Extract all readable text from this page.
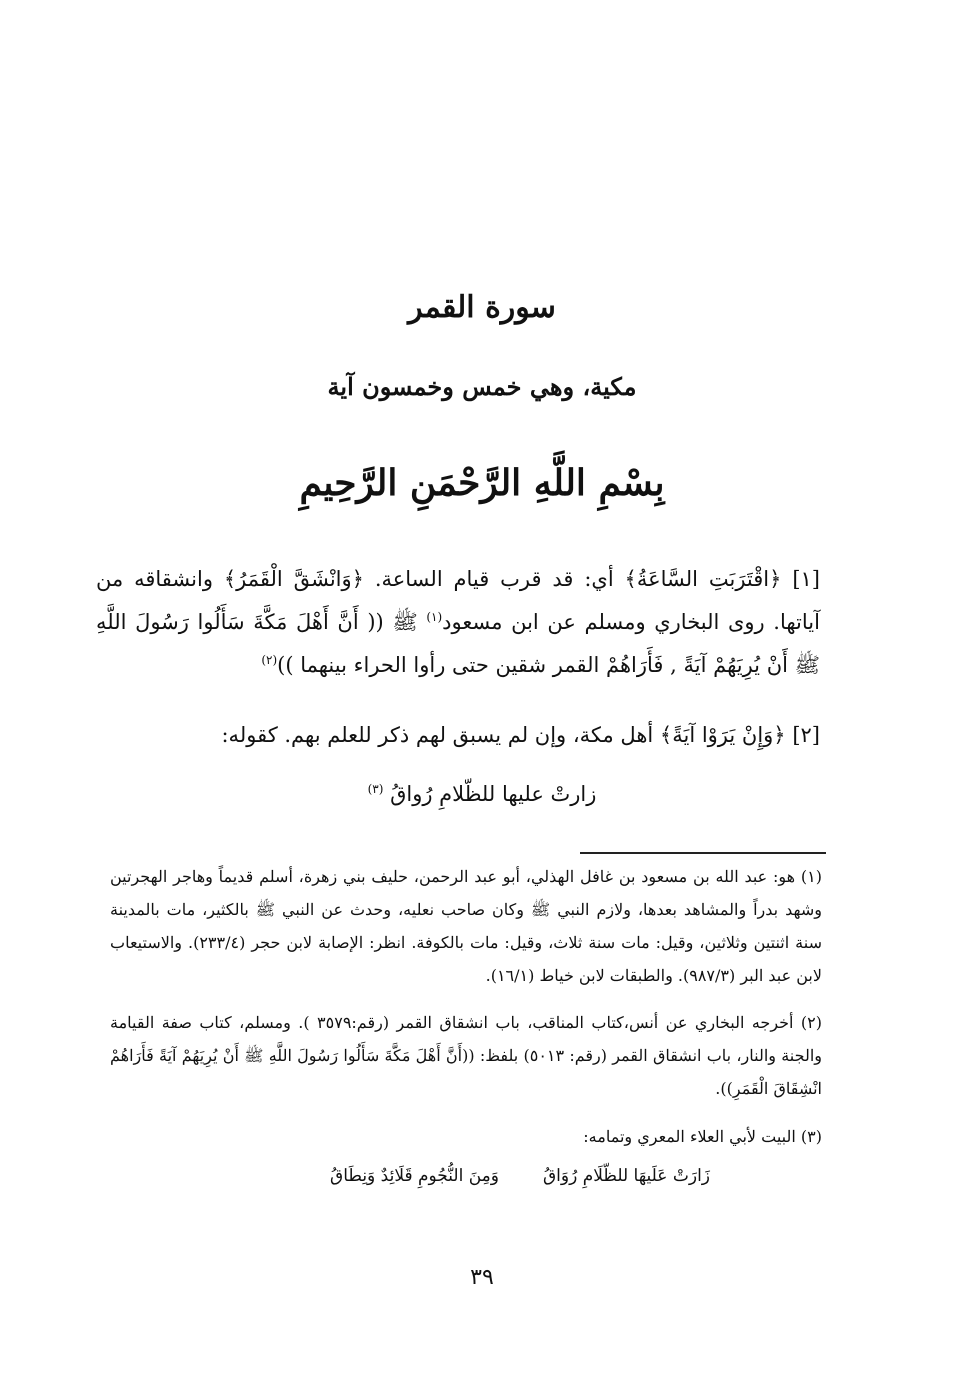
سورة القمر
مكية، وهي خمس وخمسون آية
بِسْمِ اللَّهِ الرَّحْمَنِ الرَّحِيمِ
[١] ﴿اقْتَرَبَتِ السَّاعَةُ﴾ أي: قد قرب قيام الساعة. ﴿وَانْشَقَّ الْقَمَرُ﴾ وانشقاقه من آياتها. روى البخاري ومسلم عن ابن مسعود$^{(١)}$ ﷺ (( أَنَّ أَهْلَ مَكَّةَ سَأَلُوا رَسُولَ اللَّهِ ﷺ أَنْ يُرِيَهُمْ آيَةً , فَأَرَاهُمْ القمر شقين حتى رأوا الحراء بينهما ))$^{(٢)}$
[٢] ﴿وَإِنْ يَرَوْا آيَةً﴾ أهل مكة، وإن لم يسبق لهم ذكر للعلم بهم. كقوله:
زارتْ عليها للظّلامِ رُواقُ $^{(٣)}$
(١) هو: عبد الله بن مسعود بن غافل الهذلي، أبو عبد الرحمن، حليف بني زهرة، أسلم قديماً وهاجر الهجرتين وشهد بدراً والمشاهد بعدها، ولازم النبي ﷺ وكان صاحب نعليه، وحدث عن النبي ﷺ بالكثير، مات بالمدينة سنة اثنتين وثلاثين، وقيل: مات سنة ثلاث، وقيل: مات بالكوفة. انظر: الإصابة لابن حجر (٢٣٣/٤). والاستيعاب لابن عبد البر (٩٨٧/٣). والطبقات لابن خياط (١٦/١).
(٢) أخرجه البخاري عن أنس،كتاب المناقب، باب انشقاق القمر (رقم:٣٥٧٩ ). ومسلم، كتاب صفة القيامة والجنة والنار، باب انشقاق القمر (رقم: ٥٠١٣) بلفظ: ((أَنَّ أَهْلَ مَكَّةَ سَأَلُوا رَسُولَ اللَّهِ ﷺ أَنْ يُرِيَهُمْ آيَةً فَأَرَاهُمْ انْشِقَاقَ الْقَمَرِ)).
(٣) البيت لأبي العلاء المعري وتمامه:
زَارَتْ عَلَيهَا للظّلَامِ رُوَاقُ
وَمِنَ النُّجُومِ قَلَائِدٌ وَنِطَاقُ
٣٩
